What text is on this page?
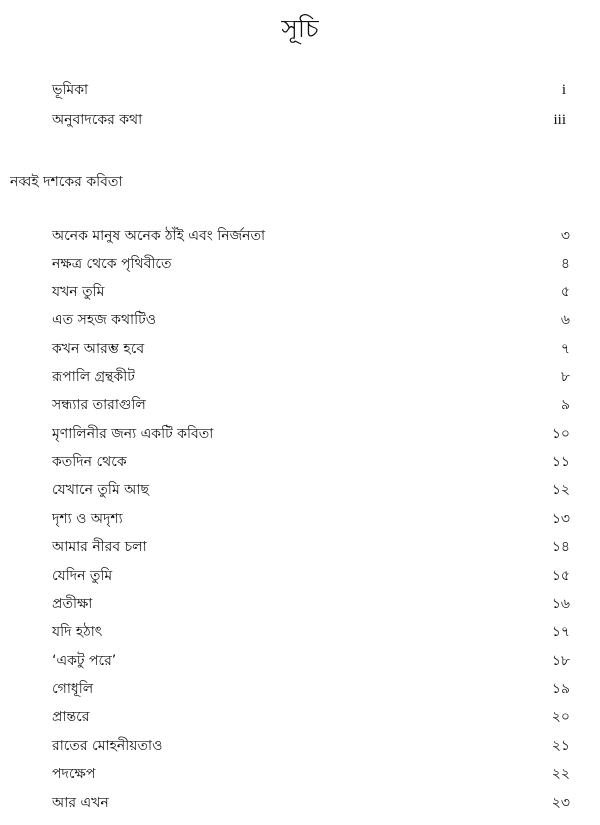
সূচি
ভূমিকা	i
অনুবাদকের কথা	iii
নব্বই দশকের কবিতা
অনেক মানুষ অনেক ঠাঁই এবং নির্জনতা	৩
নক্ষত্র থেকে পৃথিবীতে	৪
যখন তুমি	৫
এত সহজ কথাটিও	৬
কখন আরম্ভ হবে	৭
রূপালি গ্রন্থকীট	৮
সন্ধ্যার তারাগুলি	৯
মৃণালিনীর জন্য একটি কবিতা	১০
কতদিন থেকে	১১
যেখানে তুমি আছ	১২
দৃশ্য ও অদৃশ্য	১৩
আমার নীরব চলা	১৪
যেদিন তুমি	১৫
প্রতীক্ষা	১৬
যদি হঠাৎ	১৭
‘একটু পরে’	১৮
গোধূলি	১৯
প্রান্তরে	২০
রাতের মোহনীয়তাও	২১
পদক্ষেপ	২২
আর এখন	২৩
